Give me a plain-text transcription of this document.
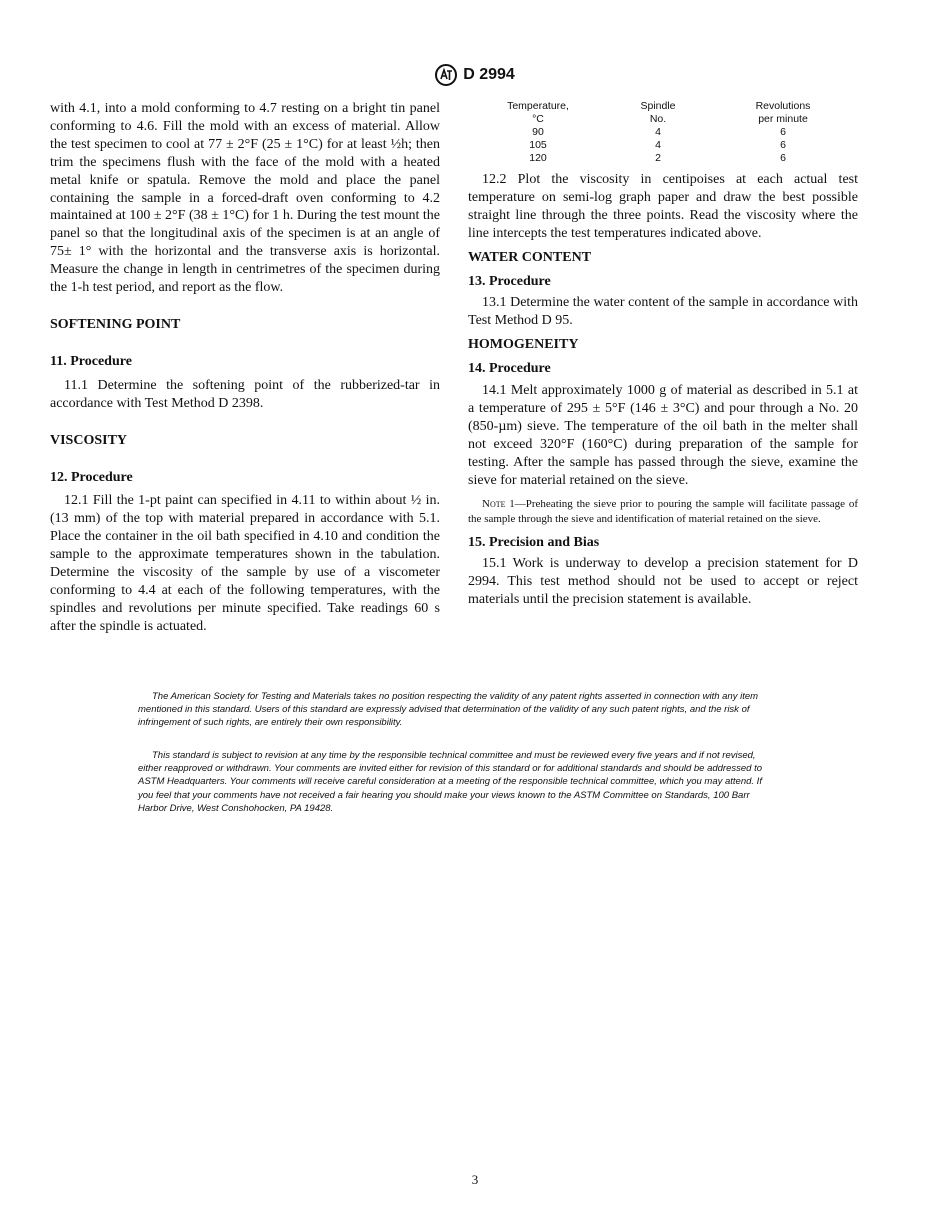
D 2994

with 4.1, into a mold conforming to 4.7 resting on a bright tin panel conforming to 4.6. Fill the mold with an excess of material. Allow the test specimen to cool at 77 ± 2°F (25 ± 1°C) for at least ½h; then trim the specimens flush with the face of the mold with a heated metal knife or spatula. Remove the mold and place the panel containing the sample in a forced-draft oven conforming to 4.2 maintained at 100 ± 2°F (38 ± 1°C) for 1 h. During the test mount the panel so that the longitudinal axis of the specimen is at an angle of 75± 1° with the horizontal and the transverse axis is horizontal. Measure the change in length in centrimetres of the specimen during the 1-h test period, and report as the flow.

SOFTENING POINT

11. Procedure

11.1 Determine the softening point of the rubberized-tar in accordance with Test Method D 2398.

VISCOSITY

12. Procedure

12.1 Fill the 1-pt paint can specified in 4.11 to within about ½ in. (13 mm) of the top with material prepared in accordance with 5.1. Place the container in the oil bath specified in 4.10 and condition the sample to the approximate temperatures shown in the tabulation. Determine the viscosity of the sample by use of a viscometer conforming to 4.4 at each of the following temperatures, with the spindles and revolutions per minute specified. Take readings 60 s after the spindle is actuated.

Temperature,	Spindle	Revolutions
°C	No.	per minute
90	4	6
105	4	6
120	2	6

12.2 Plot the viscosity in centipoises at each actual test temperature on semi-log graph paper and draw the best possible straight line through the three points. Read the viscosity where the line intercepts the test temperatures indicated above.

WATER CONTENT

13. Procedure

13.1 Determine the water content of the sample in accordance with Test Method D 95.

HOMOGENEITY

14. Procedure

14.1 Melt approximately 1000 g of material as described in 5.1 at a temperature of 295 ± 5°F (146 ± 3°C) and pour through a No. 20 (850-µm) sieve. The temperature of the oil bath in the melter shall not exceed 320°F (160°C) during preparation of the sample for testing. After the sample has passed through the sieve, examine the sieve for material retained on the sieve.

Note 1—Preheating the sieve prior to pouring the sample will facilitate passage of the sample through the sieve and identification of material retained on the sieve.

15. Precision and Bias

15.1 Work is underway to develop a precision statement for D 2994. This test method should not be used to accept or reject materials until the precision statement is available.

The American Society for Testing and Materials takes no position respecting the validity of any patent rights asserted in connection with any item mentioned in this standard. Users of this standard are expressly advised that determination of the validity of any such patent rights, and the risk of infringement of such rights, are entirely their own responsibility.

This standard is subject to revision at any time by the responsible technical committee and must be reviewed every five years and if not revised, either reapproved or withdrawn. Your comments are invited either for revision of this standard or for additional standards and should be addressed to ASTM Headquarters. Your comments will receive careful consideration at a meeting of the responsible technical committee, which you may attend. If you feel that your comments have not received a fair hearing you should make your views known to the ASTM Committee on Standards, 100 Barr Harbor Drive, West Conshohocken, PA 19428.

3
